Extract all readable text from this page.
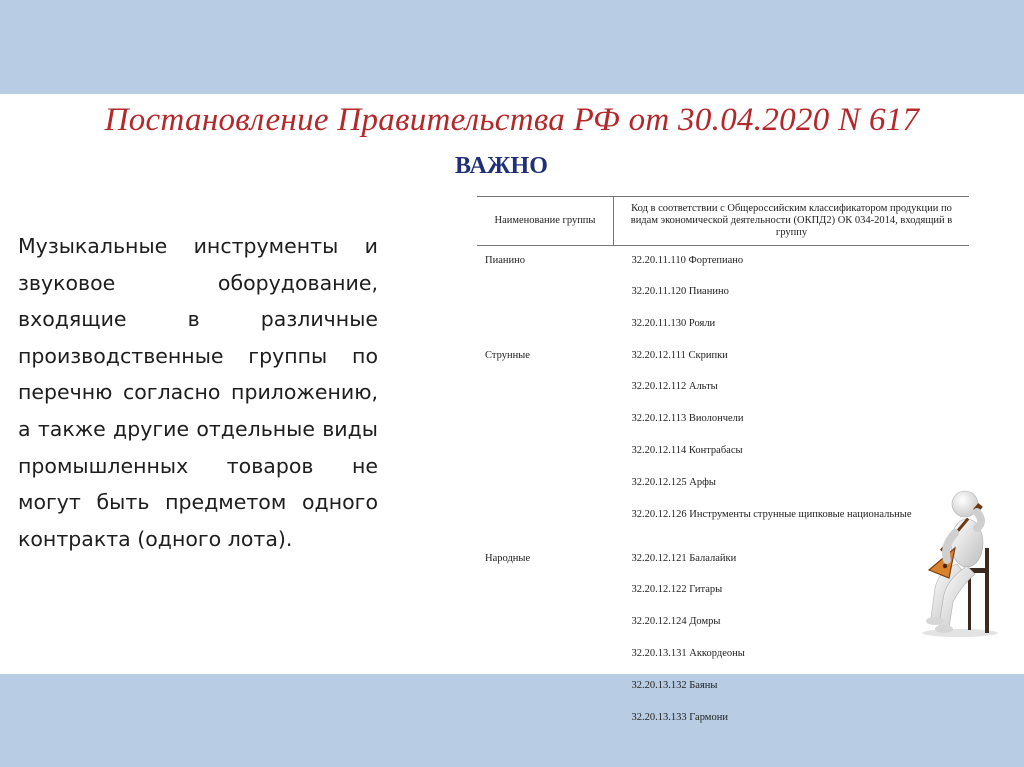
Постановление Правительства РФ от 30.04.2020 N 617
ВАЖНО
Музыкальные инструменты и звуковое оборудование, входящие в различные производственные группы по перечню согласно приложению, а также другие отдельные виды промышленных товаров не могут быть предметом одного контракта (одного лота).
Наименование группы	Код в соответствии с Общероссийским классификатором продукции по видам экономической деятельности (ОКПД2) ОК 034-2014, входящий в группу
Пианино	32.20.11.110 Фортепиано
	32.20.11.120 Пианино
	32.20.11.130 Рояли
Струнные	32.20.12.111 Скрипки
	32.20.12.112 Альты
	32.20.12.113 Виолончели
	32.20.12.114 Контрабасы
	32.20.12.125 Арфы
	32.20.12.126 Инструменты струнные щипковые национальные
Народные	32.20.12.121 Балалайки
	32.20.12.122 Гитары
	32.20.12.124 Домры
	32.20.13.131 Аккордеоны
	32.20.13.132 Баяны
	32.20.13.133 Гармони
